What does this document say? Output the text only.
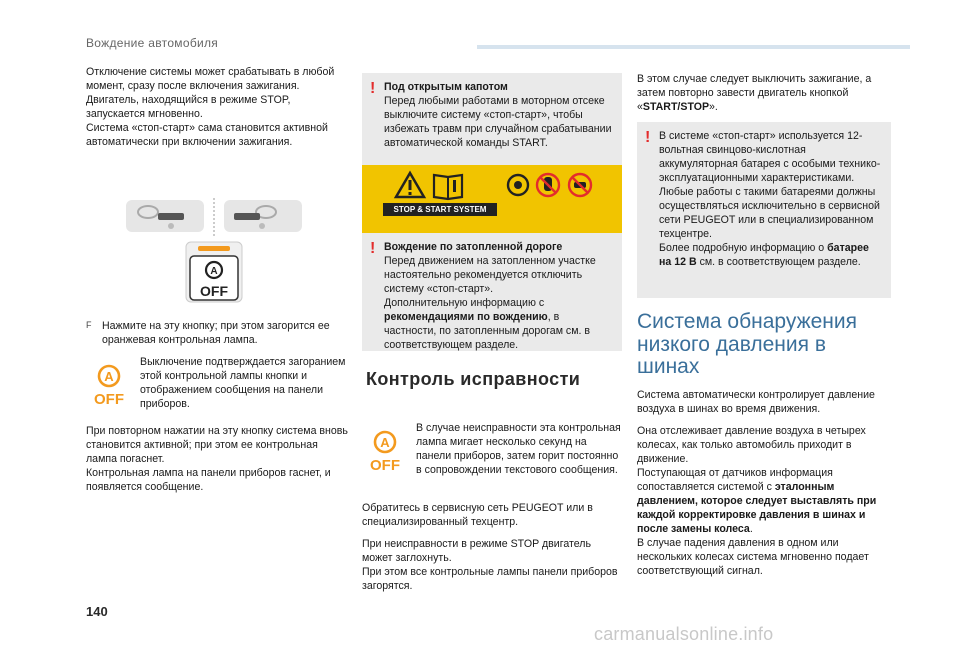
Вождение автомобиля

Отключение системы может срабатывать в любой момент, сразу после включения зажигания.
Двигатель, находящийся в режиме STOP, запускается мгновенно.
Система «стоп-старт» сама становится активной автоматически при включении зажигания.

A
OFF
F Нажмите на эту кнопку; при этом загорится ее оранжевая контрольная лампа.
A
OFF
Выключение подтверждается загоранием этой контрольной лампы кнопки и отображением сообщения на панели приборов.

При повторном нажатии на эту кнопку система вновь становится активной; при этом ее контрольная лампа погаснет.
Контрольная лампа на панели приборов гаснет, и появляется сообщение.

! Под открытым капотом
Перед любыми работами в моторном отсеке выключите систему «стоп-старт», чтобы избежать травм при случайном срабатывании автоматической команды START.
STOP & START SYSTEM
! Вождение по затопленной дороге
Перед движением на затопленном участке настоятельно рекомендуется отключить систему «стоп-старт».
Дополнительную информацию с рекомендациями по вождению, в частности, по затопленным дорогам см. в соответствующем разделе.
Контроль исправности
A
OFF
В случае неисправности эта контрольная лампа мигает несколько секунд на панели приборов, затем горит постоянно в сопровождении текстового сообщения.

Обратитесь в сервисную сеть PEUGEOT или в специализированный техцентр.

При неисправности в режиме STOP двигатель может заглохнуть.
При этом все контрольные лампы панели приборов загорятся.

В этом случае следует выключить зажигание, а затем повторно завести двигатель кнопкой «START/STOP».

! В системе «стоп-старт» используется 12-вольтная свинцово-кислотная аккумуляторная батарея с особыми технико-эксплуатационными характеристиками.
Любые работы с такими батареями должны осуществляться исключительно в сервисной сети PEUGEOT или в специализированном техцентре.
Более подробную информацию о батарее на 12 В см. в соответствующем разделе.
Система обнаружения низкого давления в шинах

Система автоматически контролирует давление воздуха в шинах во время движения.

Она отслеживает давление воздуха в четырех колесах, как только автомобиль приходит в движение.
Поступающая от датчиков информация сопоставляется системой с эталонным давлением, которое следует выставлять при каждой корректировке давления в шинах и после замены колеса.
В случае падения давления в одном или нескольких колесах система мгновенно подает соответствующий сигнал.

140
carmanualsonline.info
